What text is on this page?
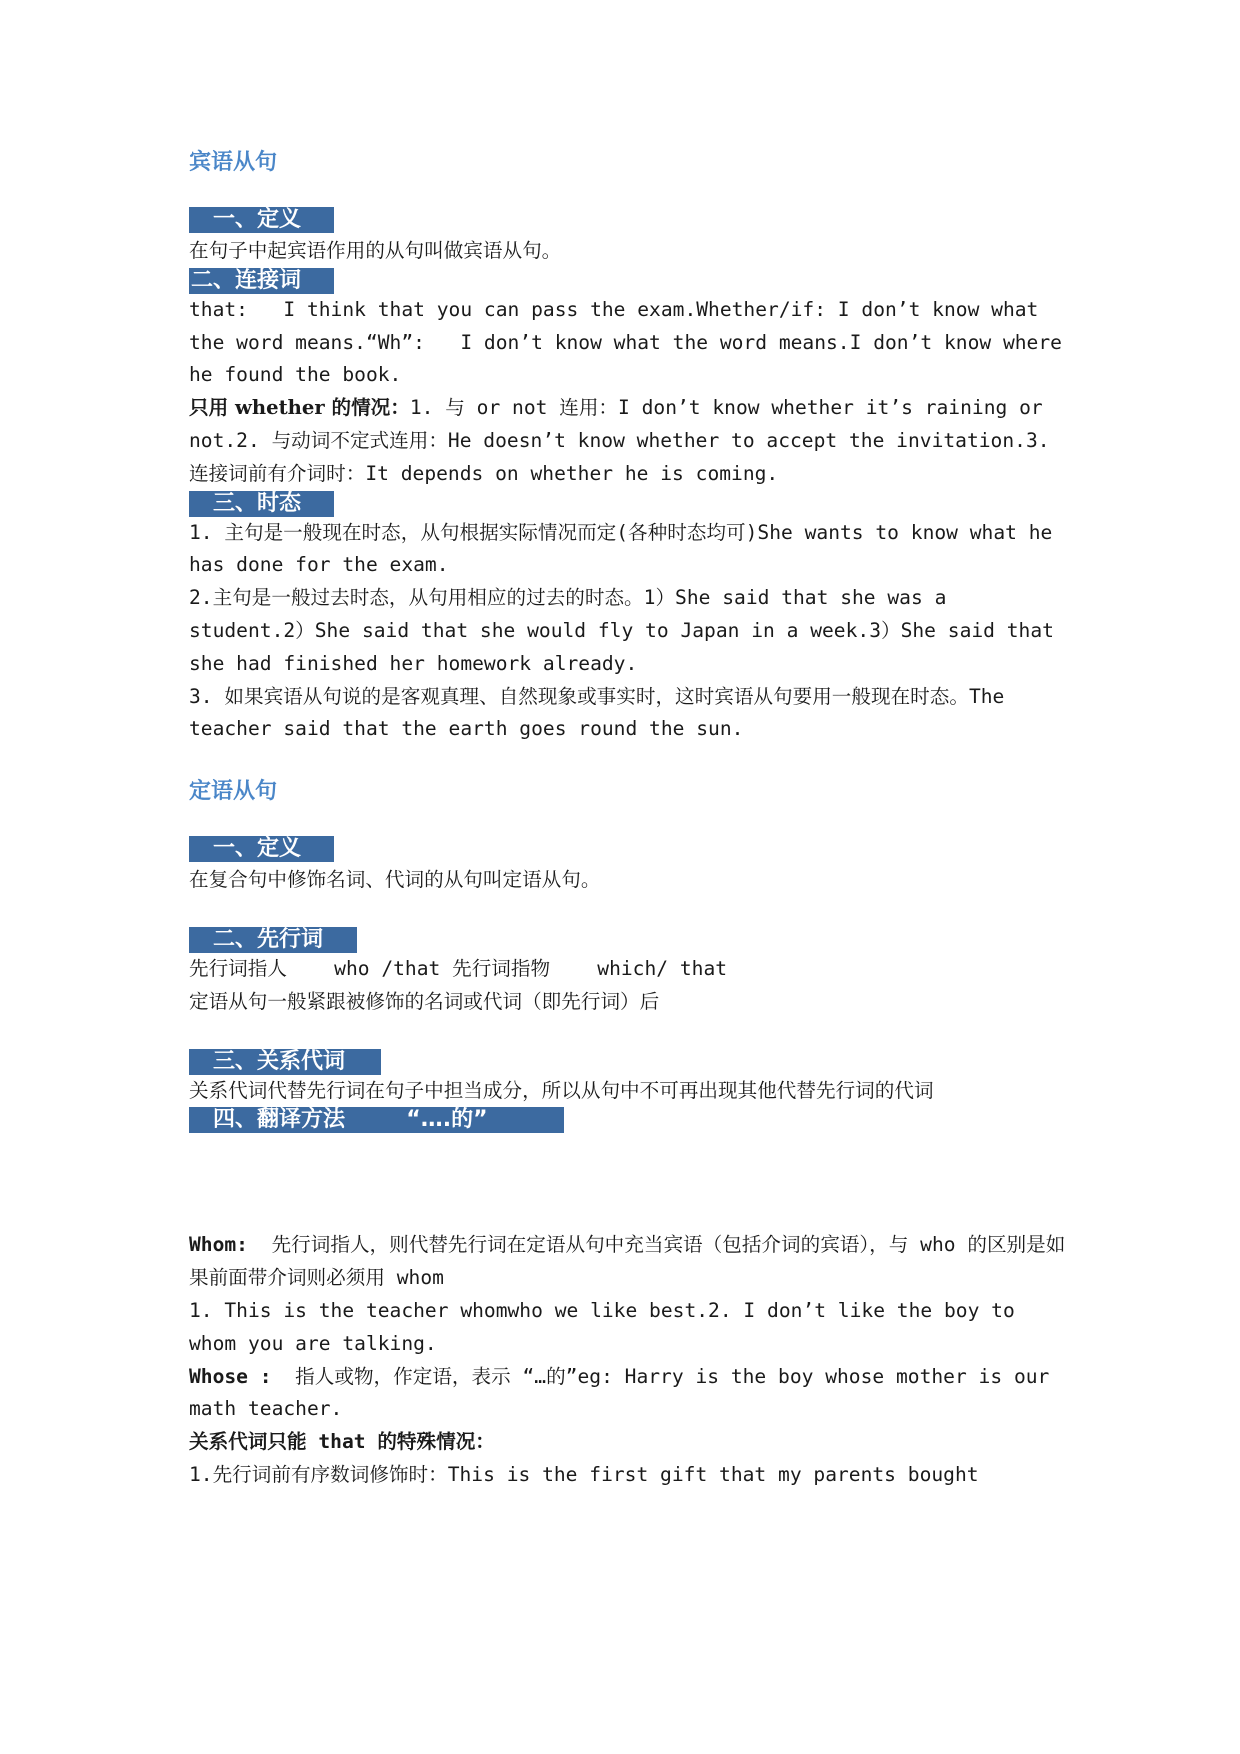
宾语从句
一、定义

在句子中起宾语作用的从句叫做宾语从句。

二、连接词

that:   I think that you can pass the exam.Whether/if: I don’t know what the word means.“Wh”:   I don’t know what the word means.I don’t know where he found the book.

只用 whether 的情况：1. 与 or not 连用：I don’t know whether it’s raining or not.2. 与动词不定式连用：He doesn’t know whether to accept the invitation.3. 连接词前有介词时：It depends on whether he is coming.

三、时态

1. 主句是一般现在时态，从句根据实际情况而定(各种时态均可)She wants to know what he has done for the exam.

2.主句是一般过去时态，从句用相应的过去的时态。1）She said that she was a student.2）She said that she would fly to Japan in a week.3）She said that she had finished her homework already.

3. 如果宾语从句说的是客观真理、自然现象或事实时，这时宾语从句要用一般现在时态。The teacher said that the earth goes round the sun.

定语从句
一、定义

在复合句中修饰名词、代词的从句叫定语从句。

二、先行词

先行词指人    who /that 先行词指物    which/ that

定语从句一般紧跟被修饰的名词或代词（即先行词）后

三、关系代词

关系代词代替先行词在句子中担当成分，所以从句中不可再出现其他代替先行词的代词

四、翻译方法        “….的”

Whom:  先行词指人，则代替先行词在定语从句中充当宾语（包括介词的宾语），与 who 的区别是如果前面带介词则必须用 whom

1. This is the teacher whomwho we like best.2. I don’t like the boy to whom you are talking.

Whose :  指人或物，作定语，表示 “…的”eg: Harry is the boy whose mother is our math teacher.

关系代词只能 that 的特殊情况：

1.先行词前有序数词修饰时：This is the first gift that my parents bought
